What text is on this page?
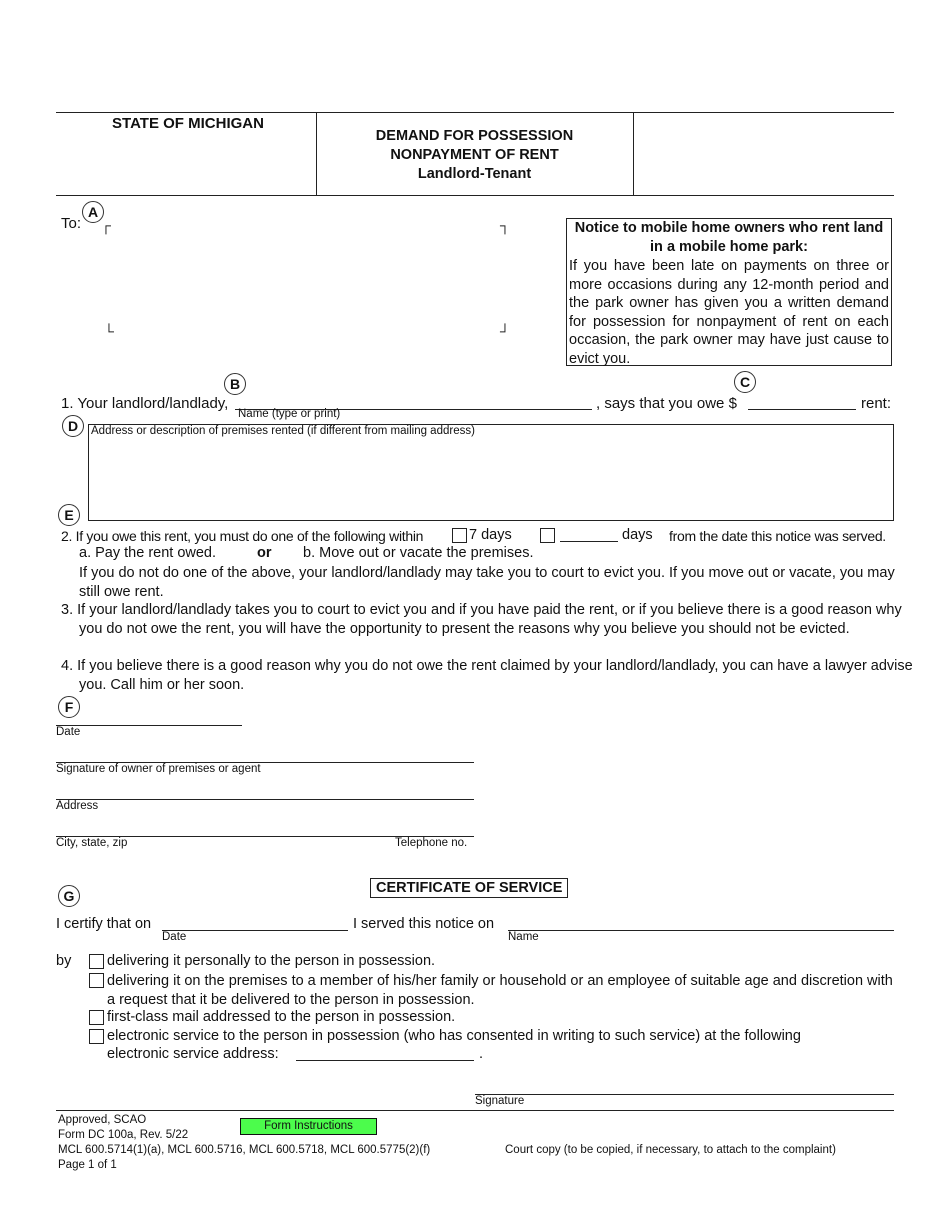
STATE OF MICHIGAN
DEMAND FOR POSSESSION
NONPAYMENT OF RENT
Landlord-Tenant
To:
A
┌	┐
└	┘
Notice to mobile home owners who rent land in a mobile home park:
If you have been late on payments on three or more occasions during any 12-month period and the park owner has given you a written demand for possession for nonpayment of rent on each occasion, the park owner may have just cause to evict you.
B	C
1. Your landlord/landlady,
Name (type or print)
, says that you owe $	rent:
D	Address or description of premises rented (if different from mailing address)
E
2. If you owe this rent, you must do one of the following within	7 days	days from the date this notice was served.
a. Pay the rent owed.	or b. Move out or vacate the premises.
If you do not do one of the above, your landlord/landlady may take you to court to evict you. If you move out or vacate, you may still owe rent.
3. If your landlord/landlady takes you to court to evict you and if you have paid the rent, or if you believe there is a good reason why you do not owe the rent, you will have the opportunity to present the reasons why you believe you should not be evicted.
4. If you believe there is a good reason why you do not owe the rent claimed by your landlord/landlady, you can have a lawyer advise you. Call him or her soon.
F
Date
Signature of owner of premises or agent
Address
City, state, zip	Telephone no.
CERTIFICATE OF SERVICE
G
I certify that on
Date
I served this notice on
Name
by delivering it personally to the person in possession.
delivering it on the premises to a member of his/her family or household or an employee of suitable age and discretion with a request that it be delivered to the person in possession.
first-class mail addressed to the person in possession.
electronic service to the person in possession (who has consented in writing to such service) at the following
electronic service address:	.
Signature
Approved, SCAO
Form DC 100a, Rev. 5/22
MCL 600.5714(1)(a), MCL 600.5716, MCL 600.5718, MCL 600.5775(2)(f)
Page 1 of 1
Form Instructions
Court copy (to be copied, if necessary, to attach to the complaint)
